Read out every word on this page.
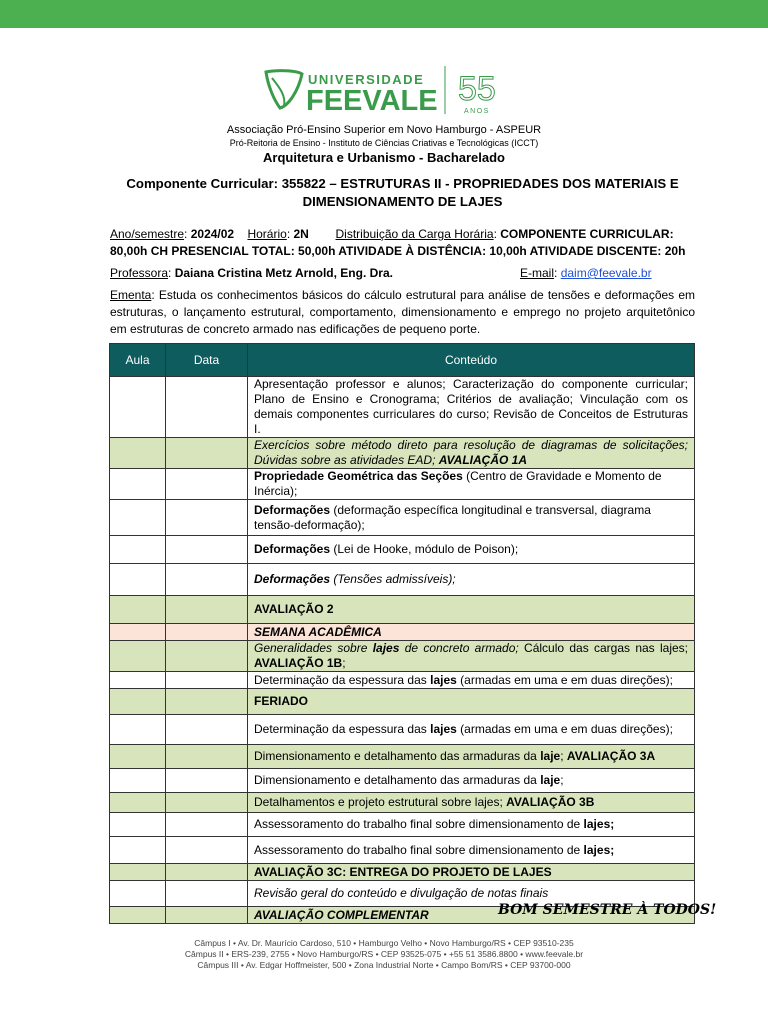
UNIVERSIDADE
FEEVALE 55
ANOS
Associação Pró-Ensino Superior em Novo Hamburgo - ASPEUR
Pró-Reitoria de Ensino - Instituto de Ciências Criativas e Tecnológicas (ICCT)
Arquitetura e Urbanismo - Bacharelado
Componente Curricular: 355822 – ESTRUTURAS II - PROPRIEDADES DOS MATERIAIS E
DIMENSIONAMENTO DE LAJES
Ano/semestre: 2024/02 Horário: 2N Distribuição da Carga Horária: COMPONENTE CURRICULAR:
80,00h CH PRESENCIAL TOTAL: 50,00h ATIVIDADE À DISTÊNCIA: 10,00h ATIVIDADE DISCENTE: 20h
Professora: Daiana Cristina Metz Arnold, Eng. Dra.	E-mail: daim@feevale.br
Ementa: Estuda os conhecimentos básicos do cálculo estrutural para análise de tensões e deformações em estruturas, o lançamento estrutural, comportamento, dimensionamento e emprego no projeto arquitetônico em estruturas de concreto armado nas edificações de pequeno porte.
Aula	Data	Conteúdo
		Apresentação professor e alunos; Caracterização do componente curricular; Plano de Ensino e Cronograma; Critérios de avaliação; Vinculação com os demais componentes curriculares do curso; Revisão de Conceitos de Estruturas I.
		Exercícios sobre método direto para resolução de diagramas de solicitações; Dúvidas sobre as atividades EAD; AVALIAÇÃO 1A
		Propriedade Geométrica das Seções (Centro de Gravidade e Momento de Inércia);
		Deformações (deformação específica longitudinal e transversal, diagrama tensão-deformação);
		Deformações (Lei de Hooke, módulo de Poison);
		Deformações (Tensões admissíveis);
		AVALIAÇÃO 2
		SEMANA ACADÊMICA
		Generalidades sobre lajes de concreto armado; Cálculo das cargas nas lajes; AVALIAÇÃO 1B;
		Determinação da espessura das lajes (armadas em uma e em duas direções);
		FERIADO
		Determinação da espessura das lajes (armadas em uma e em duas direções);
		Dimensionamento e detalhamento das armaduras da laje; AVALIAÇÃO 3A
		Dimensionamento e detalhamento das armaduras da laje;
		Detalhamentos e projeto estrutural sobre lajes; AVALIAÇÃO 3B
		Assessoramento do trabalho final sobre dimensionamento de lajes;
		Assessoramento do trabalho final sobre dimensionamento de lajes;
		AVALIAÇÃO 3C: ENTREGA DO PROJETO DE LAJES
		Revisão geral do conteúdo e divulgação de notas finais
		AVALIAÇÃO COMPLEMENTAR	BOM SEMESTRE À TODOS!
Câmpus I • Av. Dr. Maurício Cardoso, 510 • Hamburgo Velho • Novo Hamburgo/RS • CEP 93510-235
Câmpus II • ERS-239, 2755 • Novo Hamburgo/RS • CEP 93525-075 • +55 51 3586.8800 • www.feevale.br
Câmpus III • Av. Edgar Hoffmeister, 500 • Zona Industrial Norte • Campo Bom/RS • CEP 93700-000
